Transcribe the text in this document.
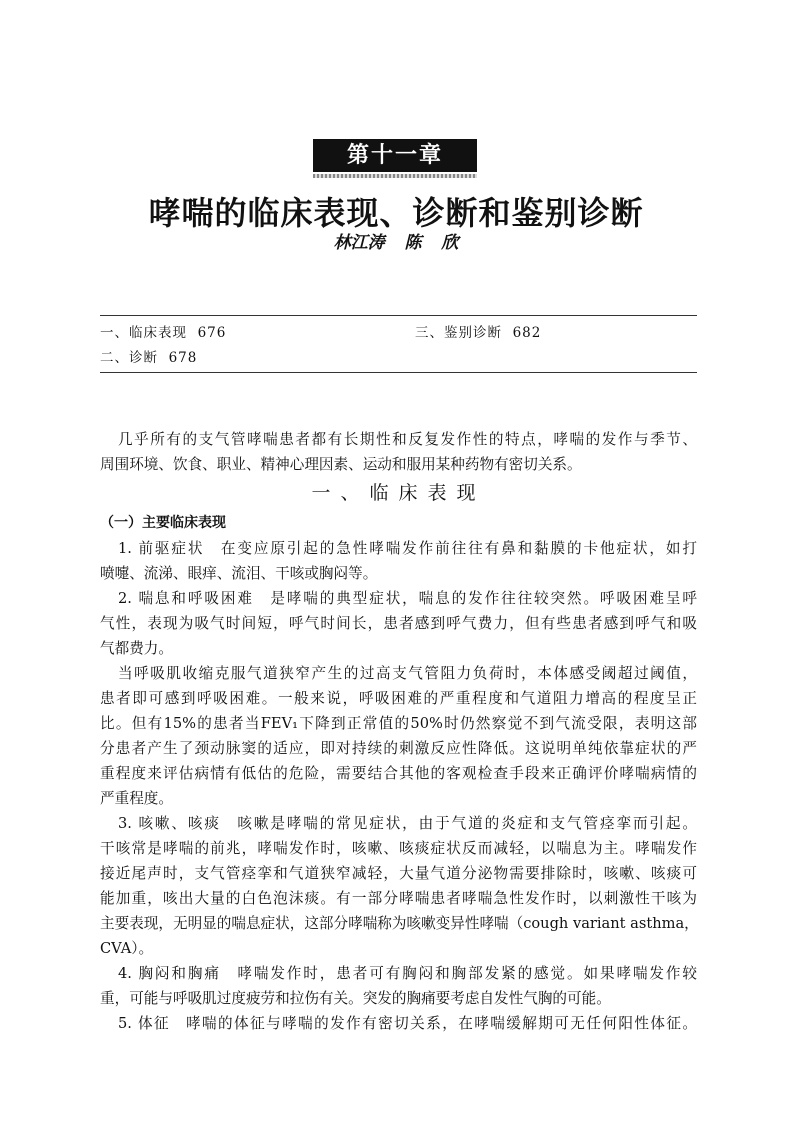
第十一章
哮喘的临床表现、诊断和鉴别诊断
林江涛 陈 欣
一、临床表现 676
二、诊断 678
三、鉴别诊断 682
几乎所有的支气管哮喘患者都有长期性和反复发作性的特点，哮喘的发作与季节、
周围环境、饮食、职业、精神心理因素、运动和服用某种药物有密切关系。
一、临床表现
（一）主要临床表现
1. 前驱症状　在变应原引起的急性哮喘发作前往往有鼻和黏膜的卡他症状，如打
喷嚏、流涕、眼痒、流泪、干咳或胸闷等。
2. 喘息和呼吸困难　是哮喘的典型症状，喘息的发作往往较突然。呼吸困难呈呼
气性，表现为吸气时间短，呼气时间长，患者感到呼气费力，但有些患者感到呼气和吸
气都费力。
当呼吸肌收缩克服气道狭窄产生的过高支气管阻力负荷时，本体感受阈超过阈值，
患者即可感到呼吸困难。一般来说，呼吸困难的严重程度和气道阻力增高的程度呈正
比。但有15%的患者当FEV₁下降到正常值的50%时仍然察觉不到气流受限，表明这部
分患者产生了颈动脉窦的适应，即对持续的刺激反应性降低。这说明单纯依靠症状的严
重程度来评估病情有低估的危险，需要结合其他的客观检查手段来正确评价哮喘病情的
严重程度。
3. 咳嗽、咳痰　咳嗽是哮喘的常见症状，由于气道的炎症和支气管痉挛而引起。
干咳常是哮喘的前兆，哮喘发作时，咳嗽、咳痰症状反而减轻，以喘息为主。哮喘发作
接近尾声时，支气管痉挛和气道狭窄减轻，大量气道分泌物需要排除时，咳嗽、咳痰可
能加重，咳出大量的白色泡沫痰。有一部分哮喘患者哮喘急性发作时，以刺激性干咳为
主要表现，无明显的喘息症状，这部分哮喘称为咳嗽变异性哮喘（cough variant asthma，
CVA）。
4. 胸闷和胸痛　哮喘发作时，患者可有胸闷和胸部发紧的感觉。如果哮喘发作较
重，可能与呼吸肌过度疲劳和拉伤有关。突发的胸痛要考虑自发性气胸的可能。
5. 体征　哮喘的体征与哮喘的发作有密切关系，在哮喘缓解期可无任何阳性体征。
